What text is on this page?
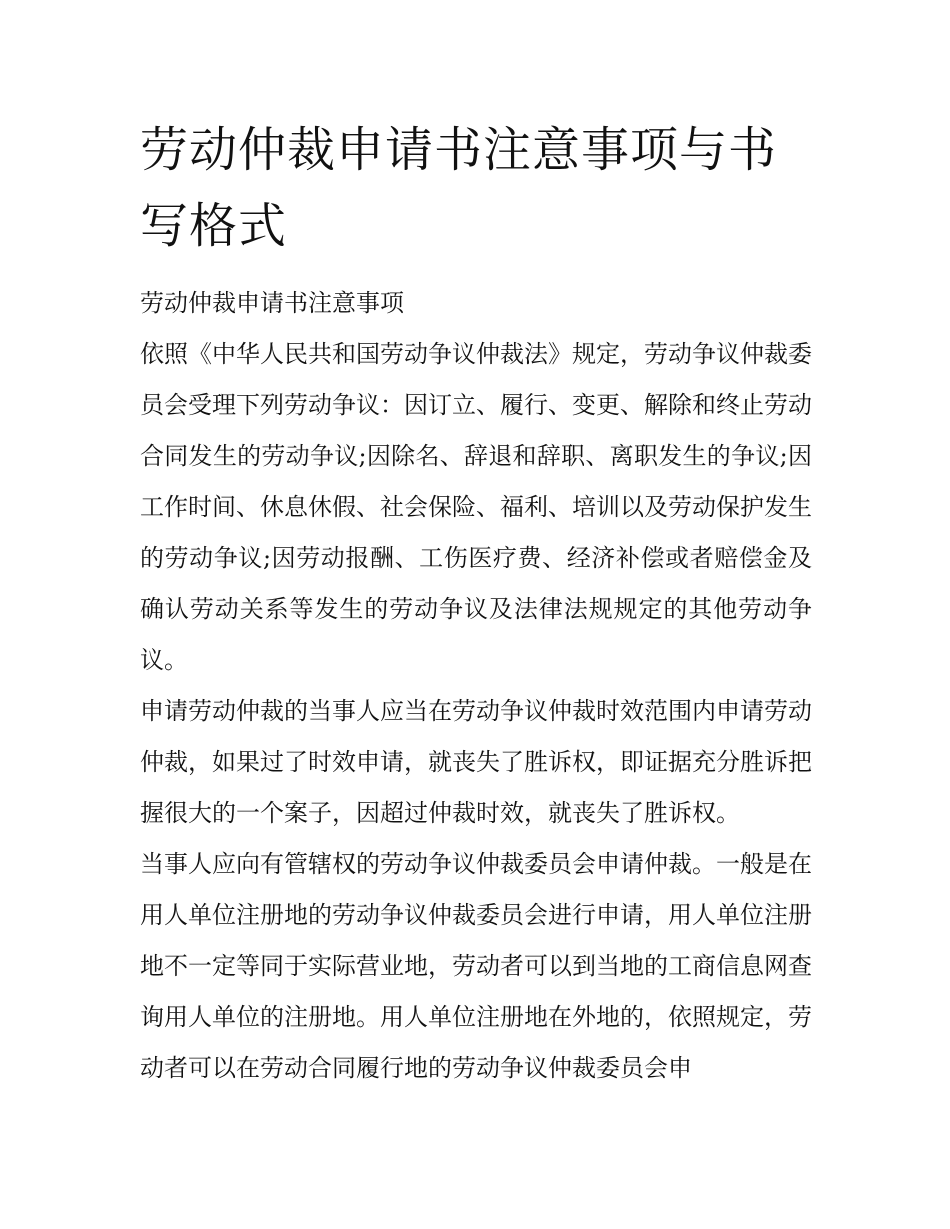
劳动仲裁申请书注意事项与书写格式

劳动仲裁申请书注意事项

依照《中华人民共和国劳动争议仲裁法》规定，劳动争议仲裁委员会受理下列劳动争议：因订立、履行、变更、解除和终止劳动合同发生的劳动争议;因除名、辞退和辞职、离职发生的争议;因工作时间、休息休假、社会保险、福利、培训以及劳动保护发生的劳动争议;因劳动报酬、工伤医疗费、经济补偿或者赔偿金及确认劳动关系等发生的劳动争议及法律法规规定的其他劳动争议。

申请劳动仲裁的当事人应当在劳动争议仲裁时效范围内申请劳动仲裁，如果过了时效申请，就丧失了胜诉权，即证据充分胜诉把握很大的一个案子，因超过仲裁时效，就丧失了胜诉权。

当事人应向有管辖权的劳动争议仲裁委员会申请仲裁。一般是在用人单位注册地的劳动争议仲裁委员会进行申请，用人单位注册地不一定等同于实际营业地，劳动者可以到当地的工商信息网查询用人单位的注册地。用人单位注册地在外地的，依照规定，劳动者可以在劳动合同履行地的劳动争议仲裁委员会申
